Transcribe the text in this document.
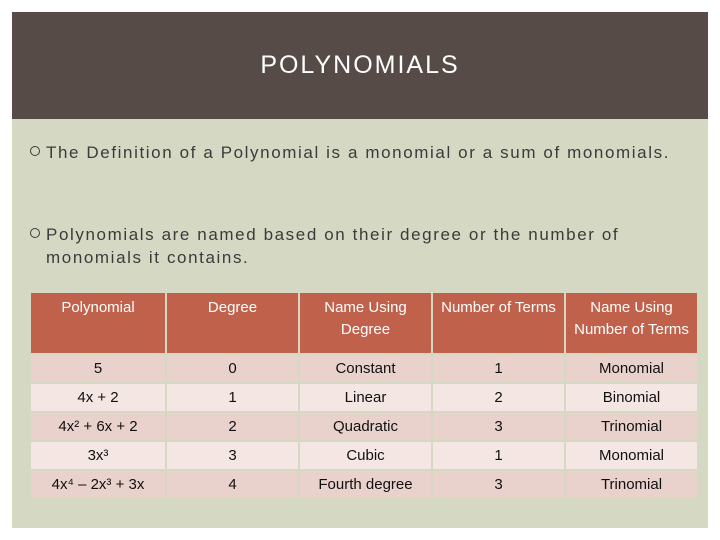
POLYNOMIALS
The Definition of a Polynomial is a monomial or a sum of monomials.
Polynomials are named based on their degree or the number of monomials it contains.
Polynomial	Degree	Name Using Degree	Number of Terms	Name Using Number of Terms
5	0	Constant	1	Monomial
4x + 2	1	Linear	2	Binomial
4x² + 6x + 2	2	Quadratic	3	Trinomial
3x³	3	Cubic	1	Monomial
4x⁴ – 2x³ + 3x	4	Fourth degree	3	Trinomial
